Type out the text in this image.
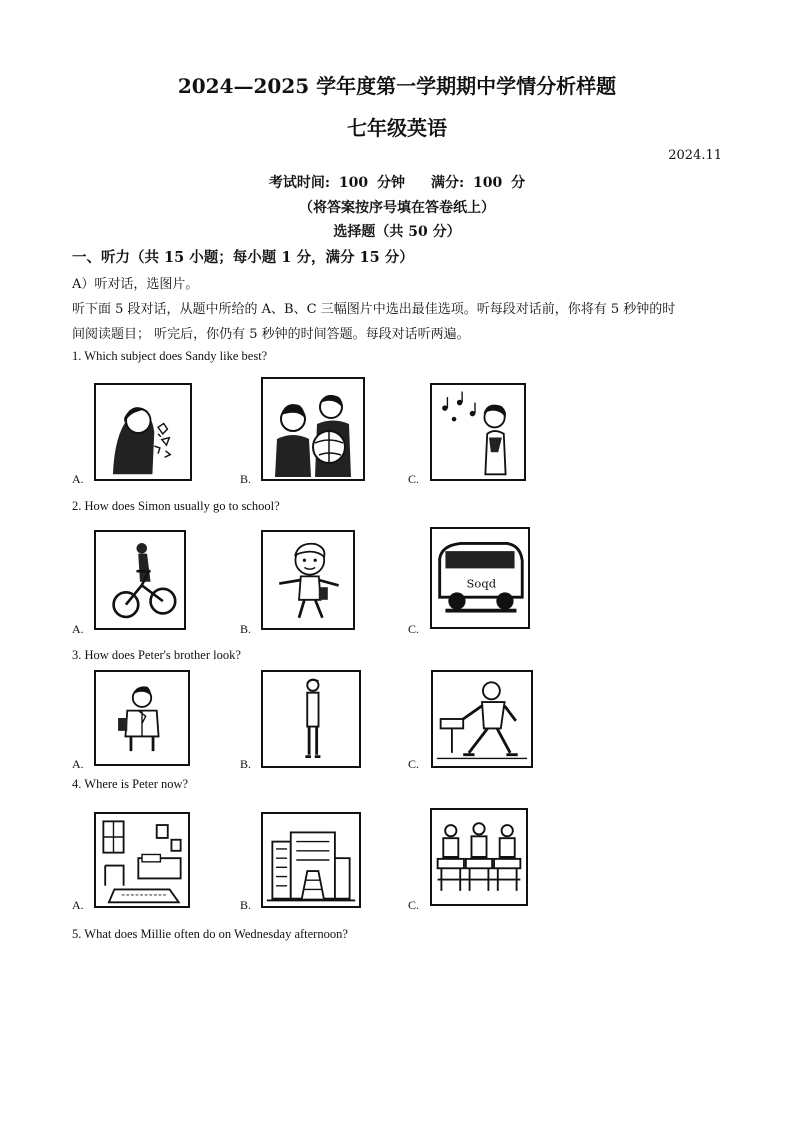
2024—2025 学年度第一学期期中学情分析样题
七年级英语
2024.11
考试时间: 100 分钟 满分: 100 分
（将答案按序号填在答卷纸上）
选择题（共 50 分）
一、听力（共 15 小题；每小题 1 分，满分 15 分）
A）听对话，选图片。
听下面 5 段对话，从题中所给的 A、B、C 三幅图片中选出最佳选项。听每段对话前，你将有 5 秒钟的时
间阅读题目； 听完后，你仍有 5 秒钟的时间答题。每段对话听两遍。
1. Which subject does Sandy like best?
A.	B.	C.
2. How does Simon usually go to school?
A.	B.	C.
Soqd
3. How does Peter's brother look?
A.	B.	C.
4. Where is Peter now?
A.	B.	C.
5. What does Millie often do on Wednesday afternoon?
